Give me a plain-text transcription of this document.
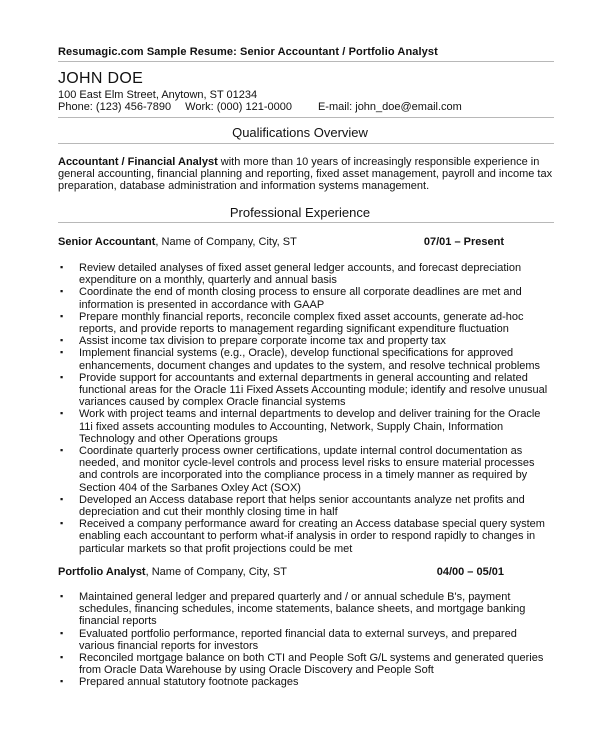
Resumagic.com Sample Resume: Senior Accountant / Portfolio Analyst
JOHN DOE
100 East Elm Street, Anytown, ST 01234
Phone: (123) 456-7890 Work: (000) 121-0000 E-mail: john_doe@email.com
Qualifications Overview
Accountant / Financial Analyst with more than 10 years of increasingly responsible experience in general accounting, financial planning and reporting, fixed asset management, payroll and income tax preparation, database administration and information systems management.
Professional Experience
Senior Accountant, Name of Company, City, ST	07/01 – Present
▪ Review detailed analyses of fixed asset general ledger accounts, and forecast depreciation expenditure on a monthly, quarterly and annual basis
▪ Coordinate the end of month closing process to ensure all corporate deadlines are met and information is presented in accordance with GAAP
▪ Prepare monthly financial reports, reconcile complex fixed asset accounts, generate ad-hoc reports, and provide reports to management regarding significant expenditure fluctuation
▪ Assist income tax division to prepare corporate income tax and property tax
▪ Implement financial systems (e.g., Oracle), develop functional specifications for approved enhancements, document changes and updates to the system, and resolve technical problems
▪ Provide support for accountants and external departments in general accounting and related functional areas for the Oracle 11i Fixed Assets Accounting module; identify and resolve unusual variances caused by complex Oracle financial systems
▪ Work with project teams and internal departments to develop and deliver training for the Oracle 11i fixed assets accounting modules to Accounting, Network, Supply Chain, Information Technology and other Operations groups
▪ Coordinate quarterly process owner certifications, update internal control documentation as needed, and monitor cycle-level controls and process level risks to ensure material processes and controls are incorporated into the compliance process in a timely manner as required by Section 404 of the Sarbanes Oxley Act (SOX)
▪ Developed an Access database report that helps senior accountants analyze net profits and depreciation and cut their monthly closing time in half
▪ Received a company performance award for creating an Access database special query system enabling each accountant to perform what-if analysis in order to respond rapidly to changes in particular markets so that profit projections could be met
Portfolio Analyst, Name of Company, City, ST	04/00 – 05/01
▪ Maintained general ledger and prepared quarterly and / or annual schedule B's, payment schedules, financing schedules, income statements, balance sheets, and mortgage banking financial reports
▪ Evaluated portfolio performance, reported financial data to external surveys, and prepared various financial reports for investors
▪ Reconciled mortgage balance on both CTI and People Soft G/L systems and generated queries from Oracle Data Warehouse by using Oracle Discovery and People Soft
▪ Prepared annual statutory footnote packages
